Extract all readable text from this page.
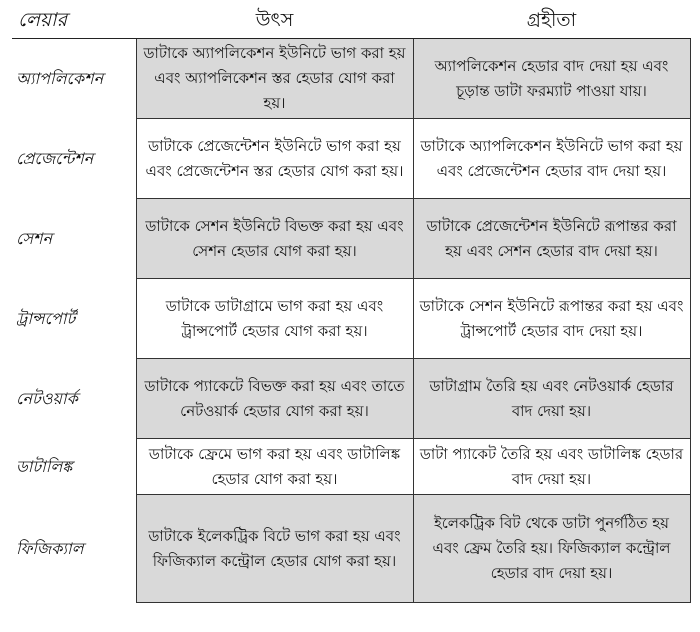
লেয়ার	উৎস	গ্রহীতা
অ্যাপলিকেশন	ডাটাকে অ্যাপলিকেশন ইউনিটে ভাগ করা হয় এবং অ্যাপলিকেশন স্তর হেডার যোগ করা হয়।	অ্যাপলিকেশন হেডার বাদ দেয়া হয় এবং চূড়ান্ত ডাটা ফরম্যাট পাওয়া যায়।
প্রেজেন্টেশন	ডাটাকে প্রেজেন্টেশন ইউনিটে ভাগ করা হয় এবং প্রেজেন্টেশন স্তর হেডার যোগ করা হয়।	ডাটাকে অ্যাপলিকেশন ইউনিটে ভাগ করা হয় এবং প্রেজেন্টেশন হেডার বাদ দেয়া হয়।
সেশন	ডাটাকে সেশন ইউনিটে বিভক্ত করা হয় এবং সেশন হেডার যোগ করা হয়।	ডাটাকে প্রেজেন্টেশন ইউনিটে রূপান্তর করা হয় এবং সেশন হেডার বাদ দেয়া হয়।
ট্রান্সপোর্ট	ডাটাকে ডাটাগ্রামে ভাগ করা হয় এবং ট্রান্সপোর্ট হেডার যোগ করা হয়।	ডাটাকে সেশন ইউনিটে রূপান্তর করা হয় এবং ট্রান্সপোর্ট হেডার বাদ দেয়া হয়।
নেটওয়ার্ক	ডাটাকে প্যাকেটে বিভক্ত করা হয় এবং তাতে নেটওয়ার্ক হেডার যোগ করা হয়।	ডাটাগ্রাম তৈরি হয় এবং নেটওয়ার্ক হেডার বাদ দেয়া হয়।
ডাটালিঙ্ক	ডাটাকে ফ্রেমে ভাগ করা হয় এবং ডাটালিঙ্ক হেডার যোগ করা হয়।	ডাটা প্যাকেট তৈরি হয় এবং ডাটালিঙ্ক হেডার বাদ দেয়া হয়।
ফিজিক্যাল	ডাটাকে ইলেকট্রিক বিটে ভাগ করা হয় এবং ফিজিক্যাল কন্ট্রোল হেডার যোগ করা হয়।	ইলেকট্রিক বিট থেকে ডাটা পুনর্গঠিত হয় এবং ফ্রেম তৈরি হয়। ফিজিক্যাল কন্ট্রোল হেডার বাদ দেয়া হয়।
